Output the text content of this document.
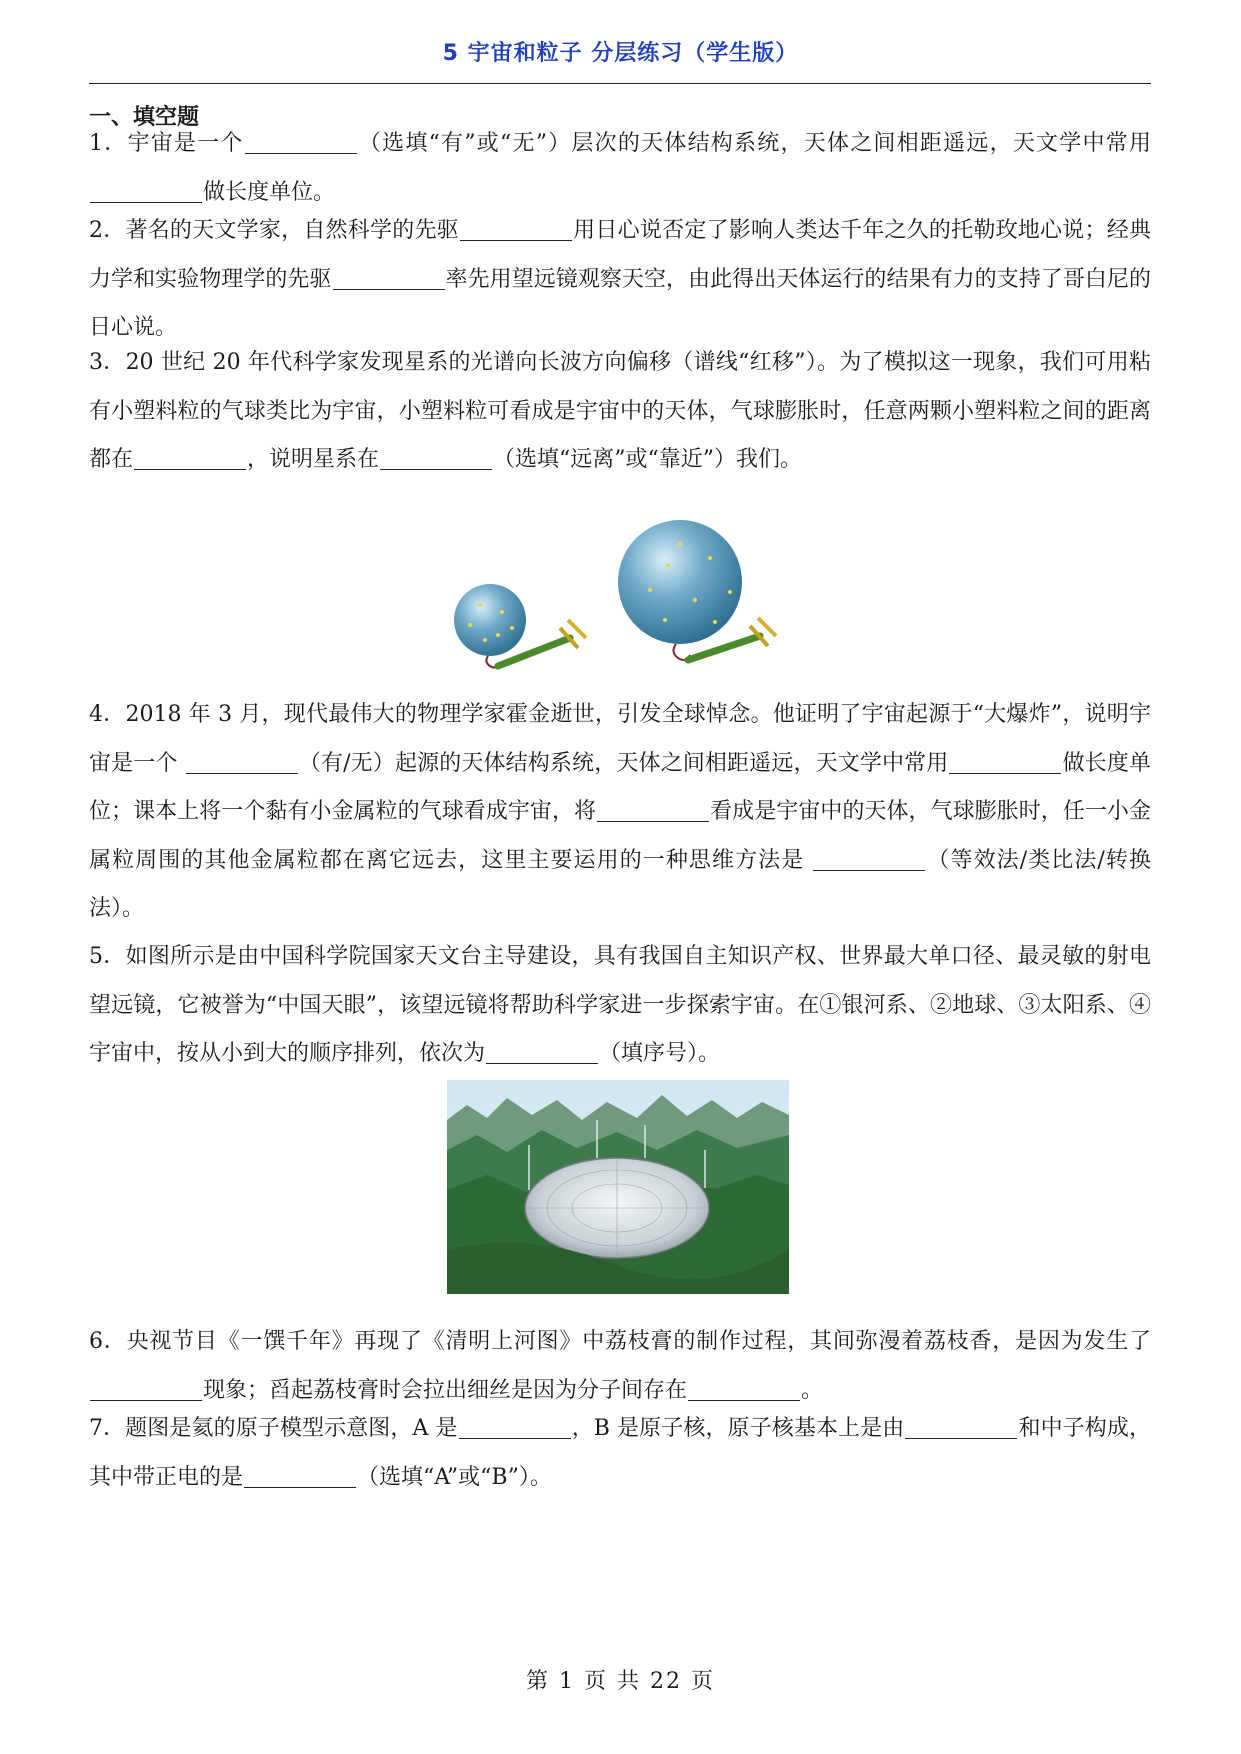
5 宇宙和粒子 分层练习（学生版）
一、填空题

1．宇宙是一个	（选填“有”或“无”）层次的天体结构系统，天体之间相距遥远，天文学中常用做长度单位。

2．著名的天文学家，自然科学的先驱	用日心说否定了影响人类达千年之久的托勒玫地心说；经典力学和实验物理学的先驱	率先用望远镜观察天空，由此得出天体运行的结果有力的支持了哥白尼的日心说。

3．20 世纪 20 年代科学家发现星系的光谱向长波方向偏移（谱线“红移”）。为了模拟这一现象，我们可用粘有小塑料粒的气球类比为宇宙，小塑料粒可看成是宇宙中的天体，气球膨胀时，任意两颗小塑料粒之间的距离都在	，说明星系在	（选填“远离”或“靠近”）我们。

4．2018 年 3 月，现代最伟大的物理学家霍金逝世，引发全球悼念。他证明了宇宙起源于“大爆炸”，说明宇宙是一个	（有/无）起源的天体结构系统，天体之间相距遥远，天文学中常用	做长度单位；课本上将一个黏有小金属粒的气球看成宇宙，将	看成是宇宙中的天体，气球膨胀时，任一小金属粒周围的其他金属粒都在离它远去，这里主要运用的一种思维方法是	（等效法/类比法/转换法）。

5．如图所示是由中国科学院国家天文台主导建设，具有我国自主知识产权、世界最大单口径、最灵敏的射电望远镜，它被誉为“中国天眼”，该望远镜将帮助科学家进一步探索宇宙。在①银河系、②地球、③太阳系、④宇宙中，按从小到大的顺序排列，依次为	（填序号）。

6．央视节目《一馔千年》再现了《清明上河图》中荔枝膏的制作过程，其间弥漫着荔枝香，是因为发生了 现象；舀起荔枝膏时会拉出细丝是因为分子间存在	。

7．题图是氦的原子模型示意图，A 是	，B 是原子核，原子核基本上是由	和中子构成，其中带正电的是	（选填“A”或“B”）。

第 1 页 共 22 页
